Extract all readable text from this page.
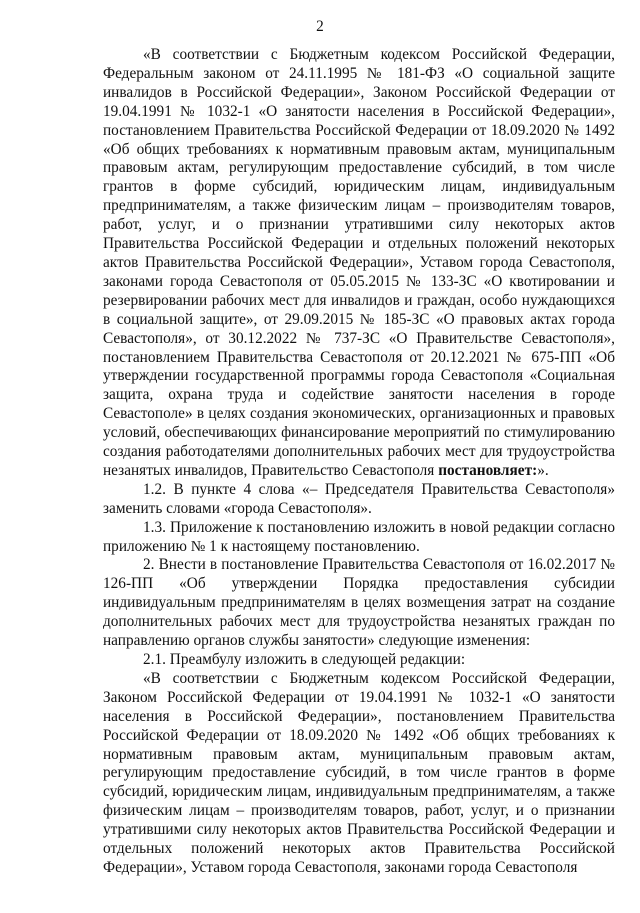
2

«В соответствии с Бюджетным кодексом Российской Федерации, Федеральным законом от 24.11.1995 № 181-ФЗ «О социальной защите инвалидов в Российской Федерации», Законом Российской Федерации от 19.04.1991 № 1032-1 «О занятости населения в Российской Федерации», постановлением Правительства Российской Федерации от 18.09.2020 № 1492 «Об общих требованиях к нормативным правовым актам, муниципальным правовым актам, регулирующим предоставление субсидий, в том числе грантов в форме субсидий, юридическим лицам, индивидуальным предпринимателям, а также физическим лицам – производителям товаров, работ, услуг, и о признании утратившими силу некоторых актов Правительства Российской Федерации и отдельных положений некоторых актов Правительства Российской Федерации», Уставом города Севастополя, законами города Севастополя от 05.05.2015 № 133-ЗС «О квотировании и резервировании рабочих мест для инвалидов и граждан, особо нуждающихся в социальной защите», от 29.09.2015 № 185-ЗС «О правовых актах города Севастополя», от 30.12.2022 № 737-ЗС «О Правительстве Севастополя», постановлением Правительства Севастополя от 20.12.2021 № 675-ПП «Об утверждении государственной программы города Севастополя «Социальная защита, охрана труда и содействие занятости населения в городе Севастополе» в целях создания экономических, организационных и правовых условий, обеспечивающих финансирование мероприятий по стимулированию создания работодателями дополнительных рабочих мест для трудоустройства незанятых инвалидов, Правительство Севастополя постановляет:».

1.2. В пункте 4 слова «– Председателя Правительства Севастополя» заменить словами «города Севастополя».

1.3. Приложение к постановлению изложить в новой редакции согласно приложению № 1 к настоящему постановлению.

2. Внести в постановление Правительства Севастополя от 16.02.2017 № 126-ПП «Об утверждении Порядка предоставления субсидии индивидуальным предпринимателям в целях возмещения затрат на создание дополнительных рабочих мест для трудоустройства незанятых граждан по направлению органов службы занятости» следующие изменения:

2.1. Преамбулу изложить в следующей редакции:

«В соответствии с Бюджетным кодексом Российской Федерации, Законом Российской Федерации от 19.04.1991 № 1032-1 «О занятости населения в Российской Федерации», постановлением Правительства Российской Федерации от 18.09.2020 № 1492 «Об общих требованиях к нормативным правовым актам, муниципальным правовым актам, регулирующим предоставление субсидий, в том числе грантов в форме субсидий, юридическим лицам, индивидуальным предпринимателям, а также физическим лицам – производителям товаров, работ, услуг, и о признании утратившими силу некоторых актов Правительства Российской Федерации и отдельных положений некоторых актов Правительства Российской Федерации», Уставом города Севастополя, законами города Севастополя
